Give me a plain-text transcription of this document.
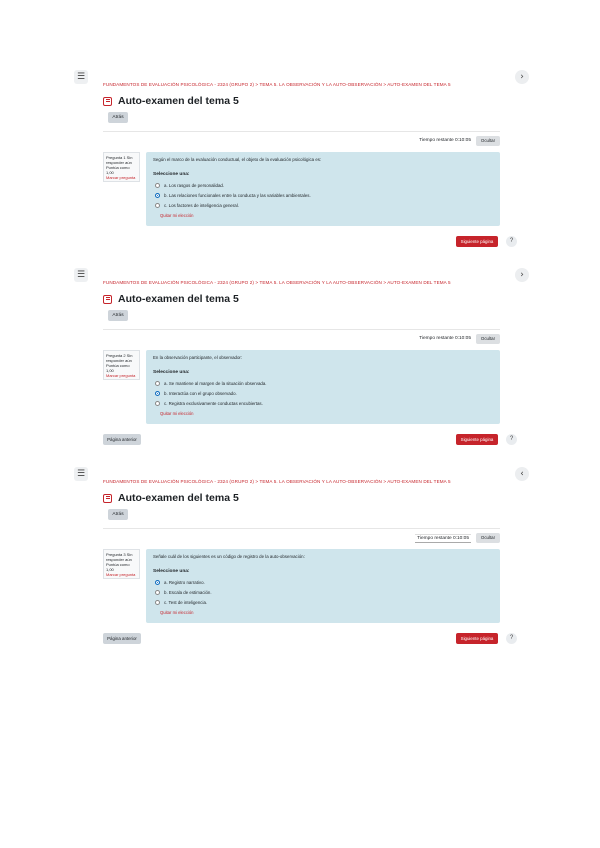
☰	›
FUNDAMENTOS DE EVALUACIÓN PSICOLÓGICA - 2324 (GRUPO 2) > TEMA 5. LA OBSERVACIÓN Y LA AUTO-OBSERVACIÓN > AUTO-EXAMEN DEL TEMA 5
Auto-examen del tema 5
Atrás
Tiempo restante 0:10:05	Ocultar
Pregunta 1 Sin responder aún Puntúa como 1,00
Marcar pregunta
Según el marco de la evaluación conductual, el objeto de la evaluación psicológica es:
Seleccione una:
a. Los rasgos de personalidad.
b. Las relaciones funcionales entre la conducta y las variables ambientales.
c. Los factores de inteligencia general.
Quitar mi elección
Siguiente página	?
☰	›
FUNDAMENTOS DE EVALUACIÓN PSICOLÓGICA - 2324 (GRUPO 2) > TEMA 5. LA OBSERVACIÓN Y LA AUTO-OBSERVACIÓN > AUTO-EXAMEN DEL TEMA 5
Auto-examen del tema 5
Atrás
Tiempo restante 0:10:05	Ocultar
Pregunta 2 Sin responder aún Puntúa como 1,00
Marcar pregunta
En la observación participante, el observador:
Seleccione una:
a. Se mantiene al margen de la situación observada.
b. Interactúa con el grupo observado.
c. Registra exclusivamente conductas encubiertas.
Quitar mi elección
Página anterior	Siguiente página	?
☰	‹
FUNDAMENTOS DE EVALUACIÓN PSICOLÓGICA - 2324 (GRUPO 2) > TEMA 5. LA OBSERVACIÓN Y LA AUTO-OBSERVACIÓN > AUTO-EXAMEN DEL TEMA 5
Auto-examen del tema 5
Atrás
Tiempo restante 0:10:05	Ocultar
Pregunta 3 Sin responder aún Puntúa como 1,00
Marcar pregunta
Señale cuál de los siguientes es un código de registro de la auto-observación:
Seleccione una:
a. Registro narrativo.
b. Escala de estimación.
c. Test de inteligencia.
Quitar mi elección
Página anterior	Siguiente página	?
